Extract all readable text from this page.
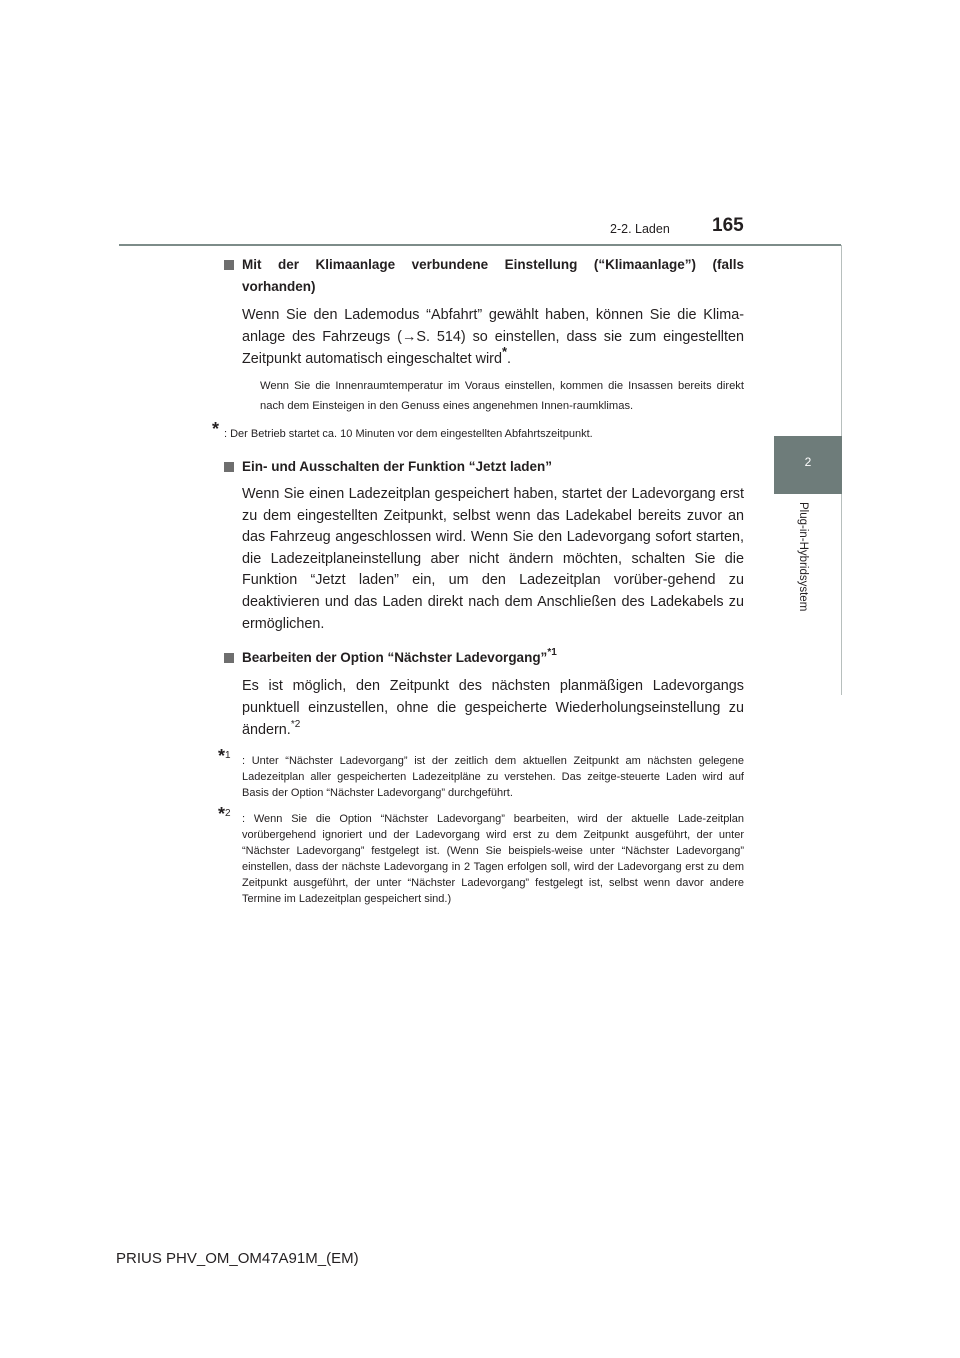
2-2. Laden 165
2
Plug-in-Hybridsystem

Mit der Klimaanlage verbundene Einstellung (“Klimaanlage”) (falls vorhanden)

Wenn Sie den Lademodus “Abfahrt” gewählt haben, können Sie die Klima-anlage des Fahrzeugs (→S. 514) so einstellen, dass sie zum eingestellten Zeitpunkt automatisch eingeschaltet wird*.

Wenn Sie die Innenraumtemperatur im Voraus einstellen, kommen die Insassen bereits direkt nach dem Einsteigen in den Genuss eines angenehmen Innen-raumklimas.

* : Der Betrieb startet ca. 10 Minuten vor dem eingestellten Abfahrtszeitpunkt.

Ein- und Ausschalten der Funktion “Jetzt laden”

Wenn Sie einen Ladezeitplan gespeichert haben, startet der Ladevorgang erst zu dem eingestellten Zeitpunkt, selbst wenn das Ladekabel bereits zuvor an das Fahrzeug angeschlossen wird. Wenn Sie den Ladevorgang sofort starten, die Ladezeitplaneinstellung aber nicht ändern möchten, schalten Sie die Funktion “Jetzt laden” ein, um den Ladezeitplan vorüber-gehend zu deaktivieren und das Laden direkt nach dem Anschließen des Ladekabels zu ermöglichen.

Bearbeiten der Option “Nächster Ladevorgang”$^{*1}$

Es ist möglich, den Zeitpunkt des nächsten planmäßigen Ladevorgangs punktuell einzustellen, ohne die gespeicherte Wiederholungseinstellung zu ändern.$^{*2}$

*$^1$ : Unter “Nächster Ladevorgang” ist der zeitlich dem aktuellen Zeitpunkt am nächsten gelegene Ladezeitplan aller gespeicherten Ladezeitpläne zu verstehen. Das zeitge-steuerte Laden wird auf Basis der Option “Nächster Ladevorgang” durchgeführt.

*$^2$ : Wenn Sie die Option “Nächster Ladevorgang” bearbeiten, wird der aktuelle Lade-zeitplan vorübergehend ignoriert und der Ladevorgang wird erst zu dem Zeitpunkt ausgeführt, der unter “Nächster Ladevorgang” festgelegt ist. (Wenn Sie beispiels-weise unter “Nächster Ladevorgang” einstellen, dass der nächste Ladevorgang in 2 Tagen erfolgen soll, wird der Ladevorgang erst zu dem Zeitpunkt ausgeführt, der unter “Nächster Ladevorgang” festgelegt ist, selbst wenn davor andere Termine im Ladezeitplan gespeichert sind.)

PRIUS PHV_OM_OM47A91M_(EM)
